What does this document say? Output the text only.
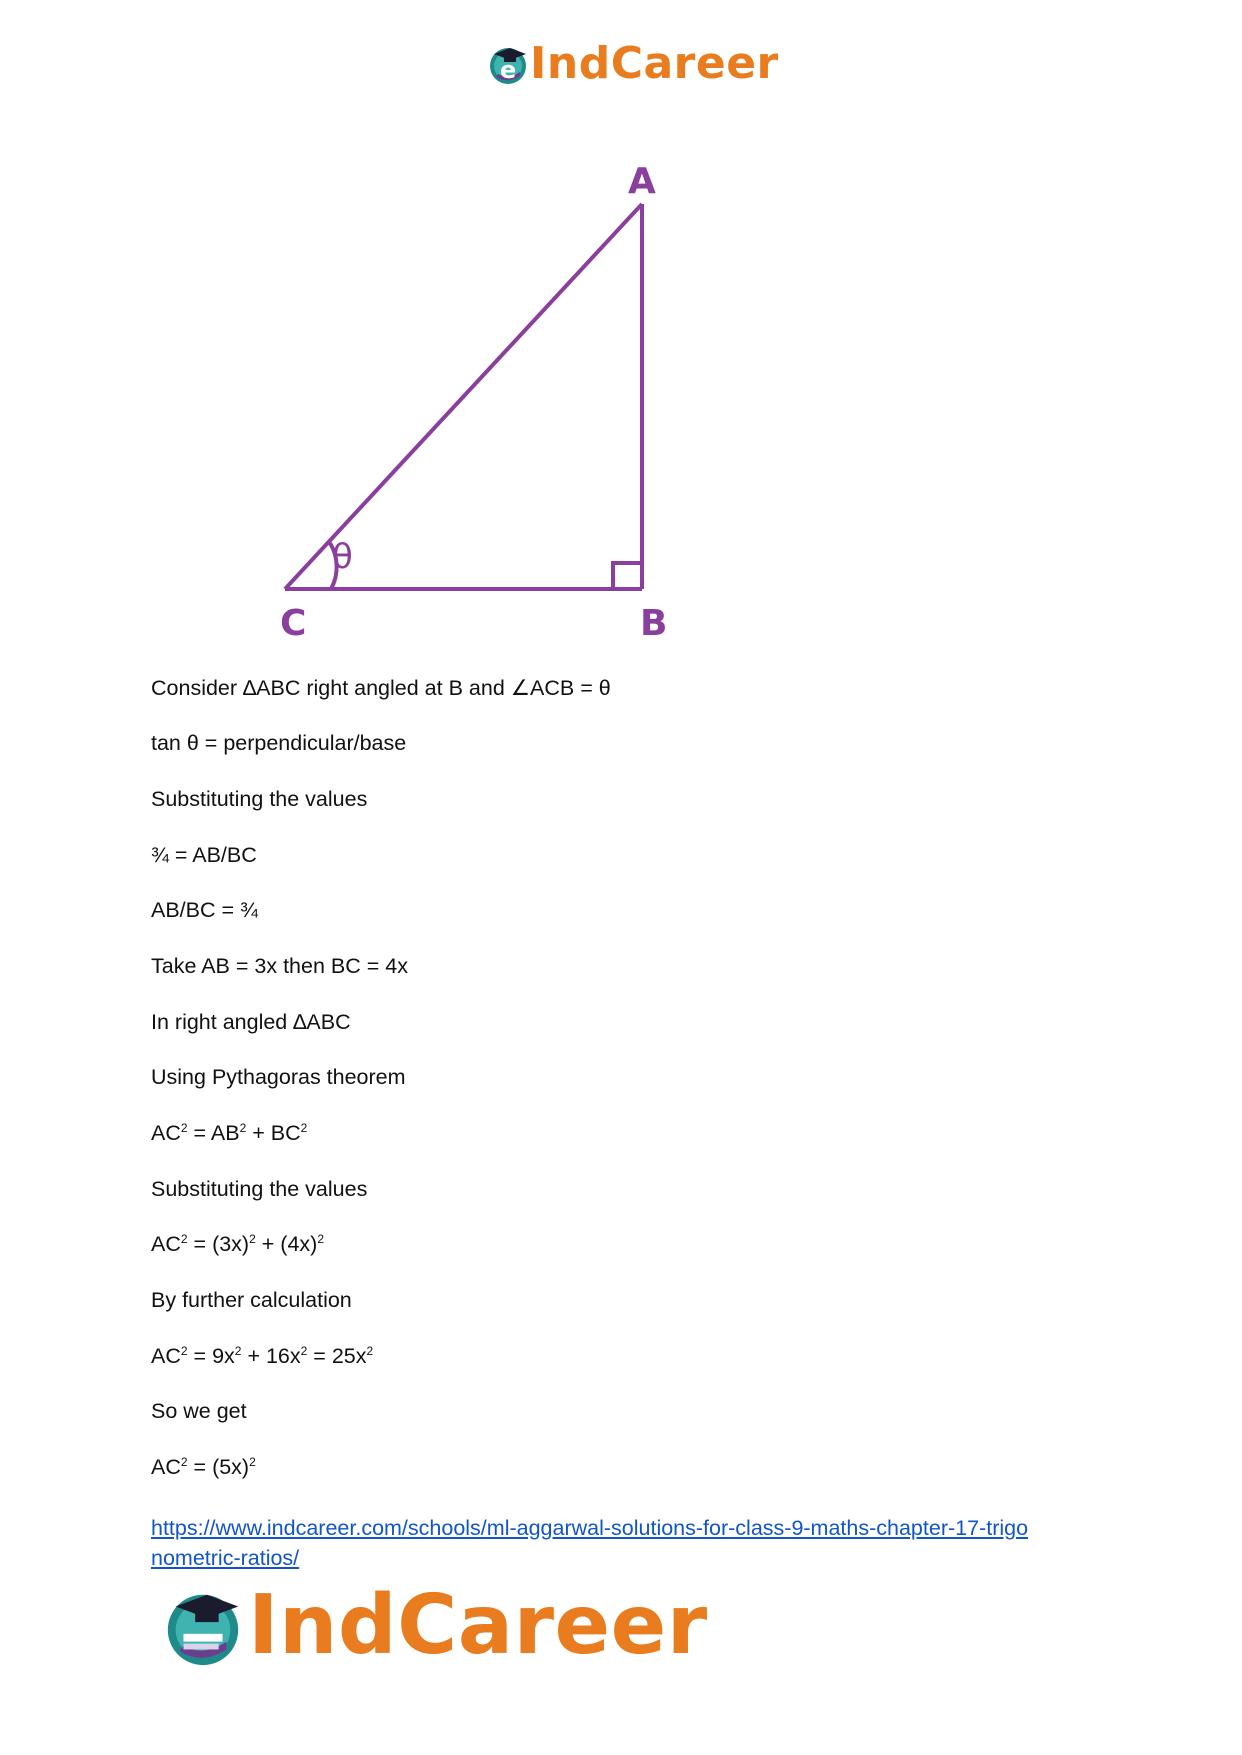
e IndCareer
θ
A
C	B

Consider ∆ABC right angled at B and ∠ACB = θ

tan θ = perpendicular/base

Substituting the values

¾ = AB/BC

AB/BC = ¾

Take AB = 3x then BC = 4x

In right angled ∆ABC

Using Pythagoras theorem

$AC^2 = AB^2 + BC^2$

Substituting the values

$AC^2 = (3x)^2 + (4x)^2$

By further calculation

$AC^2 = 9x^2 + 16x^2 = 25x^2$

So we get

$AC^2 = (5x)^2$

https://www.indcareer.com/schools/ml-aggarwal-solutions-for-class-9-maths-chapter-17-trigo
nometric-ratios/
IndCareer
